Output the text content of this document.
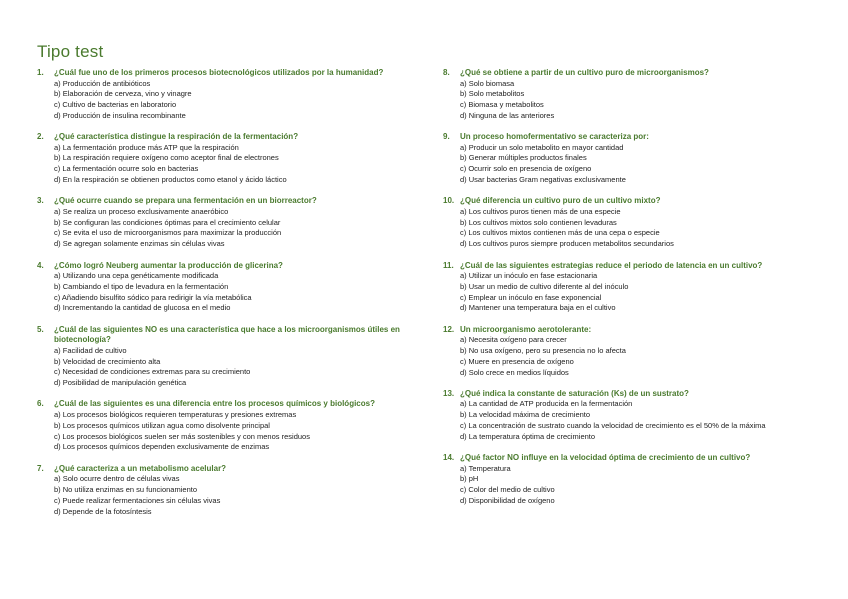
Tipo test
1.	¿Cuál fue uno de los primeros procesos biotecnológicos utilizados por la humanidad?
a) Producción de antibióticos
b) Elaboración de cerveza, vino y vinagre
c) Cultivo de bacterias en laboratorio
d) Producción de insulina recombinante
2.	¿Qué característica distingue la respiración de la fermentación?
a) La fermentación produce más ATP que la respiración
b) La respiración requiere oxígeno como aceptor final de electrones
c) La fermentación ocurre solo en bacterias
d) En la respiración se obtienen productos como etanol y ácido láctico
3.	¿Qué ocurre cuando se prepara una fermentación en un biorreactor?
a) Se realiza un proceso exclusivamente anaeróbico
b) Se configuran las condiciones óptimas para el crecimiento celular
c) Se evita el uso de microorganismos para maximizar la producción
d) Se agregan solamente enzimas sin células vivas
4.	¿Cómo logró Neuberg aumentar la producción de glicerina?
a) Utilizando una cepa genéticamente modificada
b) Cambiando el tipo de levadura en la fermentación
c) Añadiendo bisulfito sódico para redirigir la vía metabólica
d) Incrementando la cantidad de glucosa en el medio
5.	¿Cuál de las siguientes NO es una característica que hace a los microorganismos útiles en biotecnología?
a) Facilidad de cultivo
b) Velocidad de crecimiento alta
c) Necesidad de condiciones extremas para su crecimiento
d) Posibilidad de manipulación genética
6.	¿Cuál de las siguientes es una diferencia entre los procesos químicos y biológicos?
a) Los procesos biológicos requieren temperaturas y presiones extremas
b) Los procesos químicos utilizan agua como disolvente principal
c) Los procesos biológicos suelen ser más sostenibles y con menos residuos
d) Los procesos químicos dependen exclusivamente de enzimas
7.	¿Qué caracteriza a un metabolismo acelular?
a) Solo ocurre dentro de células vivas
b) No utiliza enzimas en su funcionamiento
c) Puede realizar fermentaciones sin células vivas
d) Depende de la fotosíntesis
8.	¿Qué se obtiene a partir de un cultivo puro de microorganismos?
a) Solo biomasa
b) Solo metabolitos
c) Biomasa y metabolitos
d) Ninguna de las anteriores
9.	Un proceso homofermentativo se caracteriza por:
a) Producir un solo metabolito en mayor cantidad
b) Generar múltiples productos finales
c) Ocurrir solo en presencia de oxígeno
d) Usar bacterias Gram negativas exclusivamente
10. ¿Qué diferencia un cultivo puro de un cultivo mixto?
a) Los cultivos puros tienen más de una especie
b) Los cultivos mixtos solo contienen levaduras
c) Los cultivos mixtos contienen más de una cepa o especie
d) Los cultivos puros siempre producen metabolitos secundarios
11. ¿Cuál de las siguientes estrategias reduce el periodo de latencia en un cultivo?
a) Utilizar un inóculo en fase estacionaria
b) Usar un medio de cultivo diferente al del inóculo
c) Emplear un inóculo en fase exponencial
d) Mantener una temperatura baja en el cultivo
12. Un microorganismo aerotolerante:
a) Necesita oxígeno para crecer
b) No usa oxígeno, pero su presencia no lo afecta
c) Muere en presencia de oxígeno
d) Solo crece en medios líquidos
13. ¿Qué indica la constante de saturación (Ks) de un sustrato?
a) La cantidad de ATP producida en la fermentación
b) La velocidad máxima de crecimiento
c) La concentración de sustrato cuando la velocidad de crecimiento es el 50% de la máxima
d) La temperatura óptima de crecimiento
14. ¿Qué factor NO influye en la velocidad óptima de crecimiento de un cultivo?
a) Temperatura
b) pH
c) Color del medio de cultivo
d) Disponibilidad de oxígeno
